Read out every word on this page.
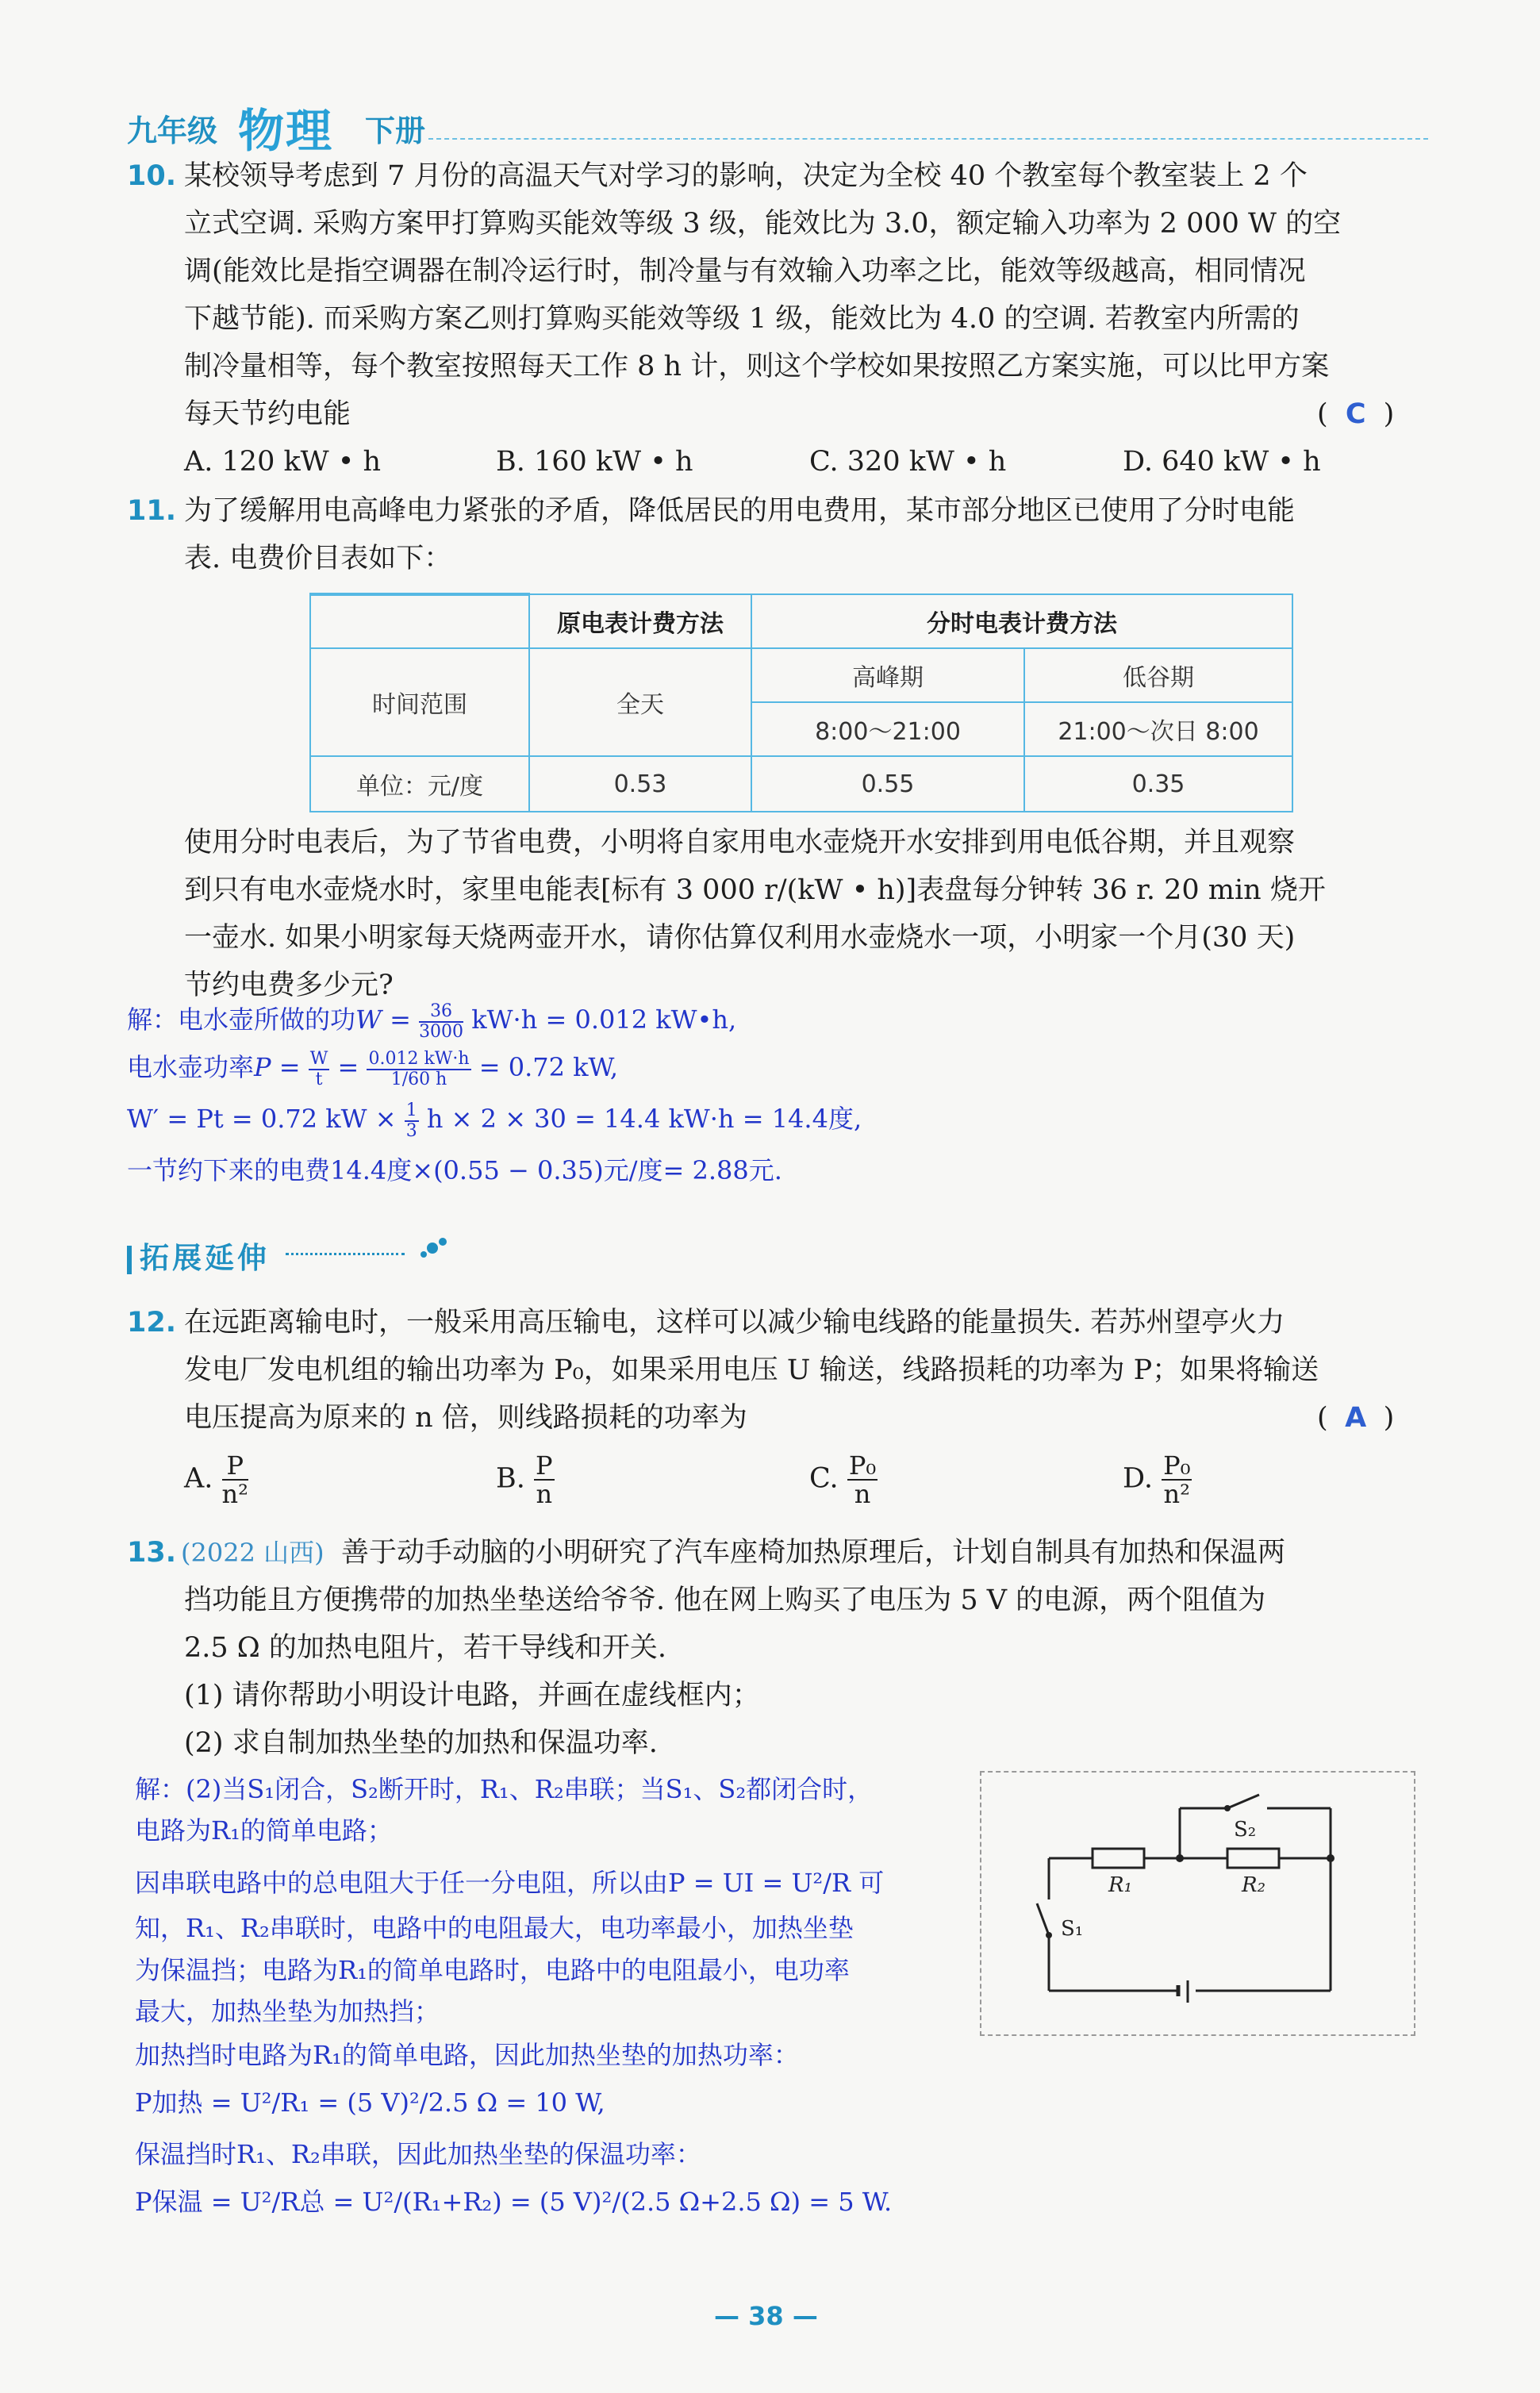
九年级 物理 下册
10. 某校领导考虑到 7 月份的高温天气对学习的影响，决定为全校 40 个教室每个教室装上 2 个
立式空调. 采购方案甲打算购买能效等级 3 级，能效比为 3.0，额定输入功率为 2 000 W 的空
调(能效比是指空调器在制冷运行时，制冷量与有效输入功率之比，能效等级越高，相同情况
下越节能). 而采购方案乙则打算购买能效等级 1 级，能效比为 4.0 的空调. 若教室内所需的
制冷量相等，每个教室按照每天工作 8 h 计，则这个学校如果按照乙方案实施，可以比甲方案
每天节约电能	( C )
A. 120 kW • h	B. 160 kW • h	C. 320 kW • h	D. 640 kW • h
11. 为了缓解用电高峰电力紧张的矛盾，降低居民的用电费用，某市部分地区已使用了分时电能
表. 电费价目表如下：
	原电表计费方法	分时电表计费方法	
时间范围	全天	高峰期	低谷期
		8:00～21:00	21:00～次日 8:00
单位：元/度	0.53	0.55	0.35
使用分时电表后，为了节省电费，小明将自家用电水壶烧开水安排到用电低谷期，并且观察
到只有电水壶烧水时，家里电能表[标有 3 000 r/(kW • h)]表盘每分钟转 36 r. 20 min 烧开
一壶水. 如果小明家每天烧两壶开水，请你估算仅利用水壶烧水一项，小明家一个月(30 天)
节约电费多少元?
解：电水壶所做的功$W = \frac{36}{3000} kW\cdot h = 0.012$ kW•h,
电水壶功率$P = \frac{W}{t} = \frac{0.012 kW\cdot h}{1/60 h} = 0.72$ kW,
W′ = Pt = 0.72 kW × $\frac{1}{3}$ h × 2 × 30 = 14.4 kW·h = 14.4度,
一节约下来的电费14.4度×(0.55 − 0.35)元/度= 2.88元.
拓展延伸
12. 在远距离输电时，一般采用高压输电，这样可以减少输电线路的能量损失. 若苏州望亭火力
发电厂发电机组的输出功率为 P₀，如果采用电压 U 输送，线路损耗的功率为 P；如果将输送
电压提高为原来的 n 倍，则线路损耗的功率为	( A )
A. $\frac{P}{\text{n²}}$	B. $\frac{P}{n}$	C. $\frac{\text{P₀}}{n}$	D. $\frac{\text{P₀}}{\text{n²}}$
13. (2022 山西) 善于动手动脑的小明研究了汽车座椅加热原理后，计划自制具有加热和保温两
挡功能且方便携带的加热坐垫送给爷爷. 他在网上购买了电压为 5 V 的电源，两个阻值为
2.5 Ω 的加热电阻片，若干导线和开关.
(1) 请你帮助小明设计电路，并画在虚线框内；
(2) 求自制加热坐垫的加热和保温功率.
解：(2)当S₁闭合，S₂断开时，R₁、R₂串联；当S₁、S₂都闭合时，
电路为R₁的简单电路；
因串联电路中的总电阻大于任一分电阻，所以由P = UI = U²/R 可
知，R₁、R₂串联时，电路中的电阻最大，电功率最小，加热坐垫
为保温挡；电路为R₁的简单电路时，电路中的电阻最小，电功率
最大，加热坐垫为加热挡；
加热挡时电路为R₁的简单电路，因此加热坐垫的加热功率：
P加热 = U²/R₁ = (5 V)²/2.5 Ω = 10 W,
保温挡时R₁、R₂串联，因此加热坐垫的保温功率：
P保温 = U²/R总 = U²/(R₁+R₂) = (5 V)²/(2.5 Ω+2.5 Ω) = 5 W.
S₁
S₂
R₁	R₂
— 38 —
